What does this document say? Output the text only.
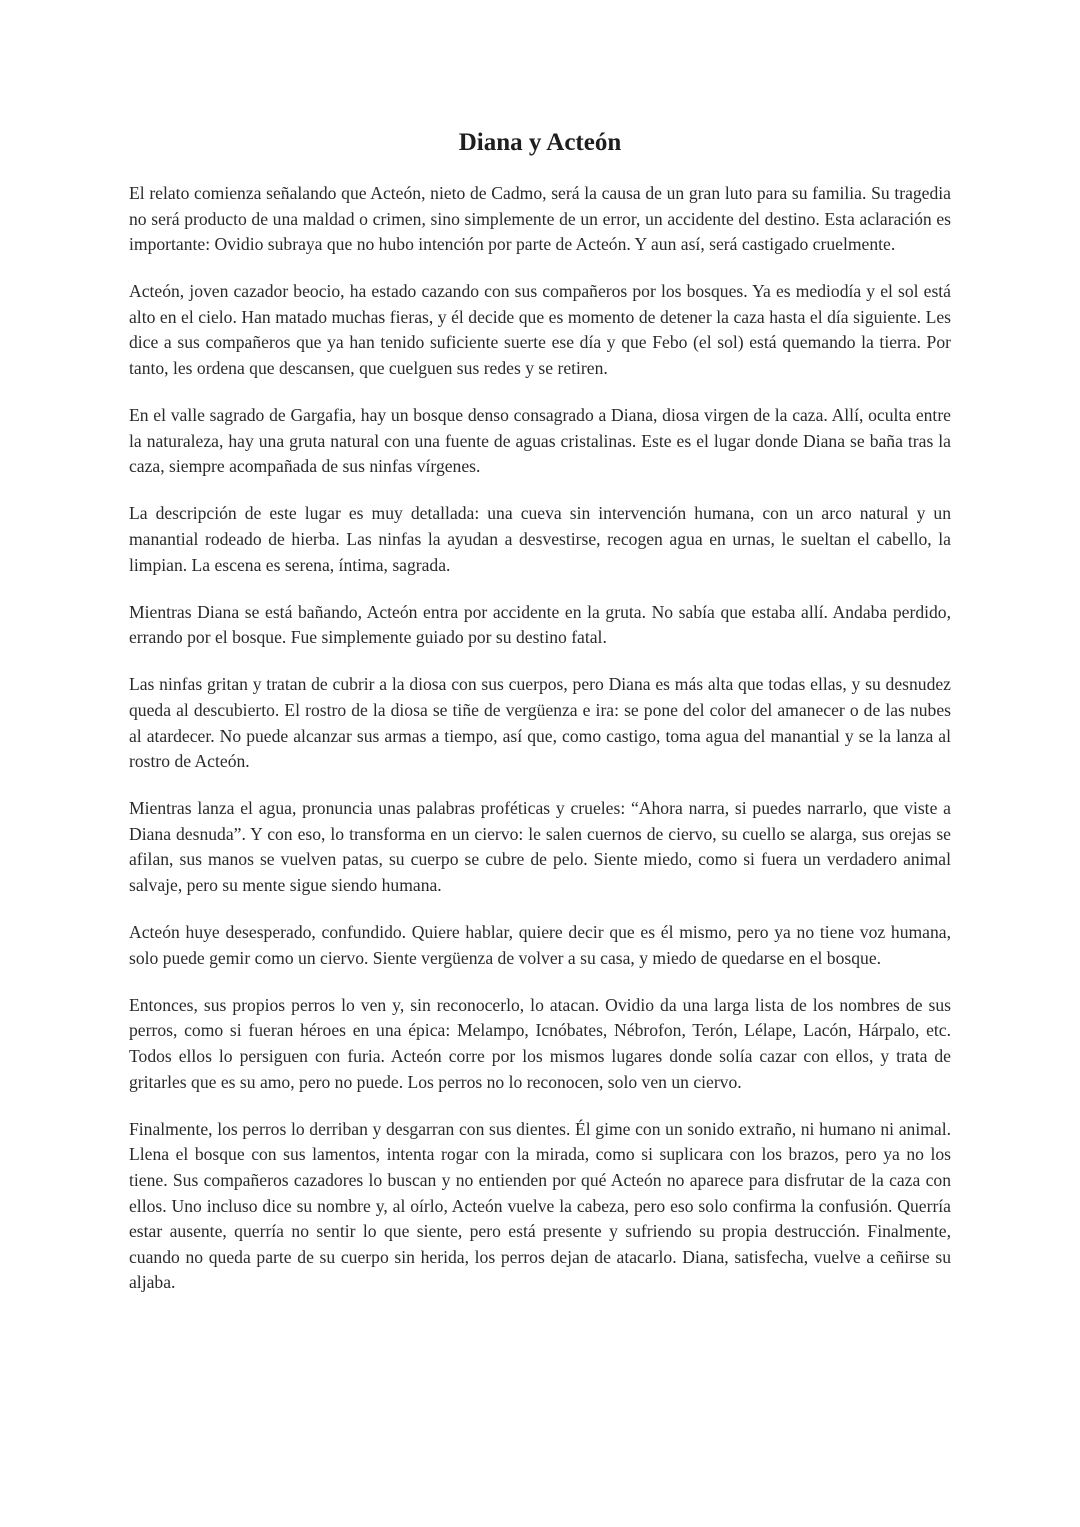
Diana y Acteón

El relato comienza señalando que Acteón, nieto de Cadmo, será la causa de un gran luto para su familia. Su tragedia no será producto de una maldad o crimen, sino simplemente de un error, un accidente del destino. Esta aclaración es importante: Ovidio subraya que no hubo intención por parte de Acteón. Y aun así, será castigado cruelmente.

Acteón, joven cazador beocio, ha estado cazando con sus compañeros por los bosques. Ya es mediodía y el sol está alto en el cielo. Han matado muchas fieras, y él decide que es momento de detener la caza hasta el día siguiente. Les dice a sus compañeros que ya han tenido suficiente suerte ese día y que Febo (el sol) está quemando la tierra. Por tanto, les ordena que descansen, que cuelguen sus redes y se retiren.

En el valle sagrado de Gargafia, hay un bosque denso consagrado a Diana, diosa virgen de la caza. Allí, oculta entre la naturaleza, hay una gruta natural con una fuente de aguas cristalinas. Este es el lugar donde Diana se baña tras la caza, siempre acompañada de sus ninfas vírgenes.

La descripción de este lugar es muy detallada: una cueva sin intervención humana, con un arco natural y un manantial rodeado de hierba. Las ninfas la ayudan a desvestirse, recogen agua en urnas, le sueltan el cabello, la limpian. La escena es serena, íntima, sagrada.

Mientras Diana se está bañando, Acteón entra por accidente en la gruta. No sabía que estaba allí. Andaba perdido, errando por el bosque. Fue simplemente guiado por su destino fatal.

Las ninfas gritan y tratan de cubrir a la diosa con sus cuerpos, pero Diana es más alta que todas ellas, y su desnudez queda al descubierto. El rostro de la diosa se tiñe de vergüenza e ira: se pone del color del amanecer o de las nubes al atardecer. No puede alcanzar sus armas a tiempo, así que, como castigo, toma agua del manantial y se la lanza al rostro de Acteón.

Mientras lanza el agua, pronuncia unas palabras proféticas y crueles: “Ahora narra, si puedes narrarlo, que viste a Diana desnuda”. Y con eso, lo transforma en un ciervo: le salen cuernos de ciervo, su cuello se alarga, sus orejas se afilan, sus manos se vuelven patas, su cuerpo se cubre de pelo. Siente miedo, como si fuera un verdadero animal salvaje, pero su mente sigue siendo humana.

Acteón huye desesperado, confundido. Quiere hablar, quiere decir que es él mismo, pero ya no tiene voz humana, solo puede gemir como un ciervo. Siente vergüenza de volver a su casa, y miedo de quedarse en el bosque.

Entonces, sus propios perros lo ven y, sin reconocerlo, lo atacan. Ovidio da una larga lista de los nombres de sus perros, como si fueran héroes en una épica: Melampo, Icnóbates, Nébrofon, Terón, Lélape, Lacón, Hárpalo, etc. Todos ellos lo persiguen con furia. Acteón corre por los mismos lugares donde solía cazar con ellos, y trata de gritarles que es su amo, pero no puede. Los perros no lo reconocen, solo ven un ciervo.

Finalmente, los perros lo derriban y desgarran con sus dientes. Él gime con un sonido extraño, ni humano ni animal. Llena el bosque con sus lamentos, intenta rogar con la mirada, como si suplicara con los brazos, pero ya no los tiene. Sus compañeros cazadores lo buscan y no entienden por qué Acteón no aparece para disfrutar de la caza con ellos. Uno incluso dice su nombre y, al oírlo, Acteón vuelve la cabeza, pero eso solo confirma la confusión. Querría estar ausente, querría no sentir lo que siente, pero está presente y sufriendo su propia destrucción. Finalmente, cuando no queda parte de su cuerpo sin herida, los perros dejan de atacarlo. Diana, satisfecha, vuelve a ceñirse su aljaba.
